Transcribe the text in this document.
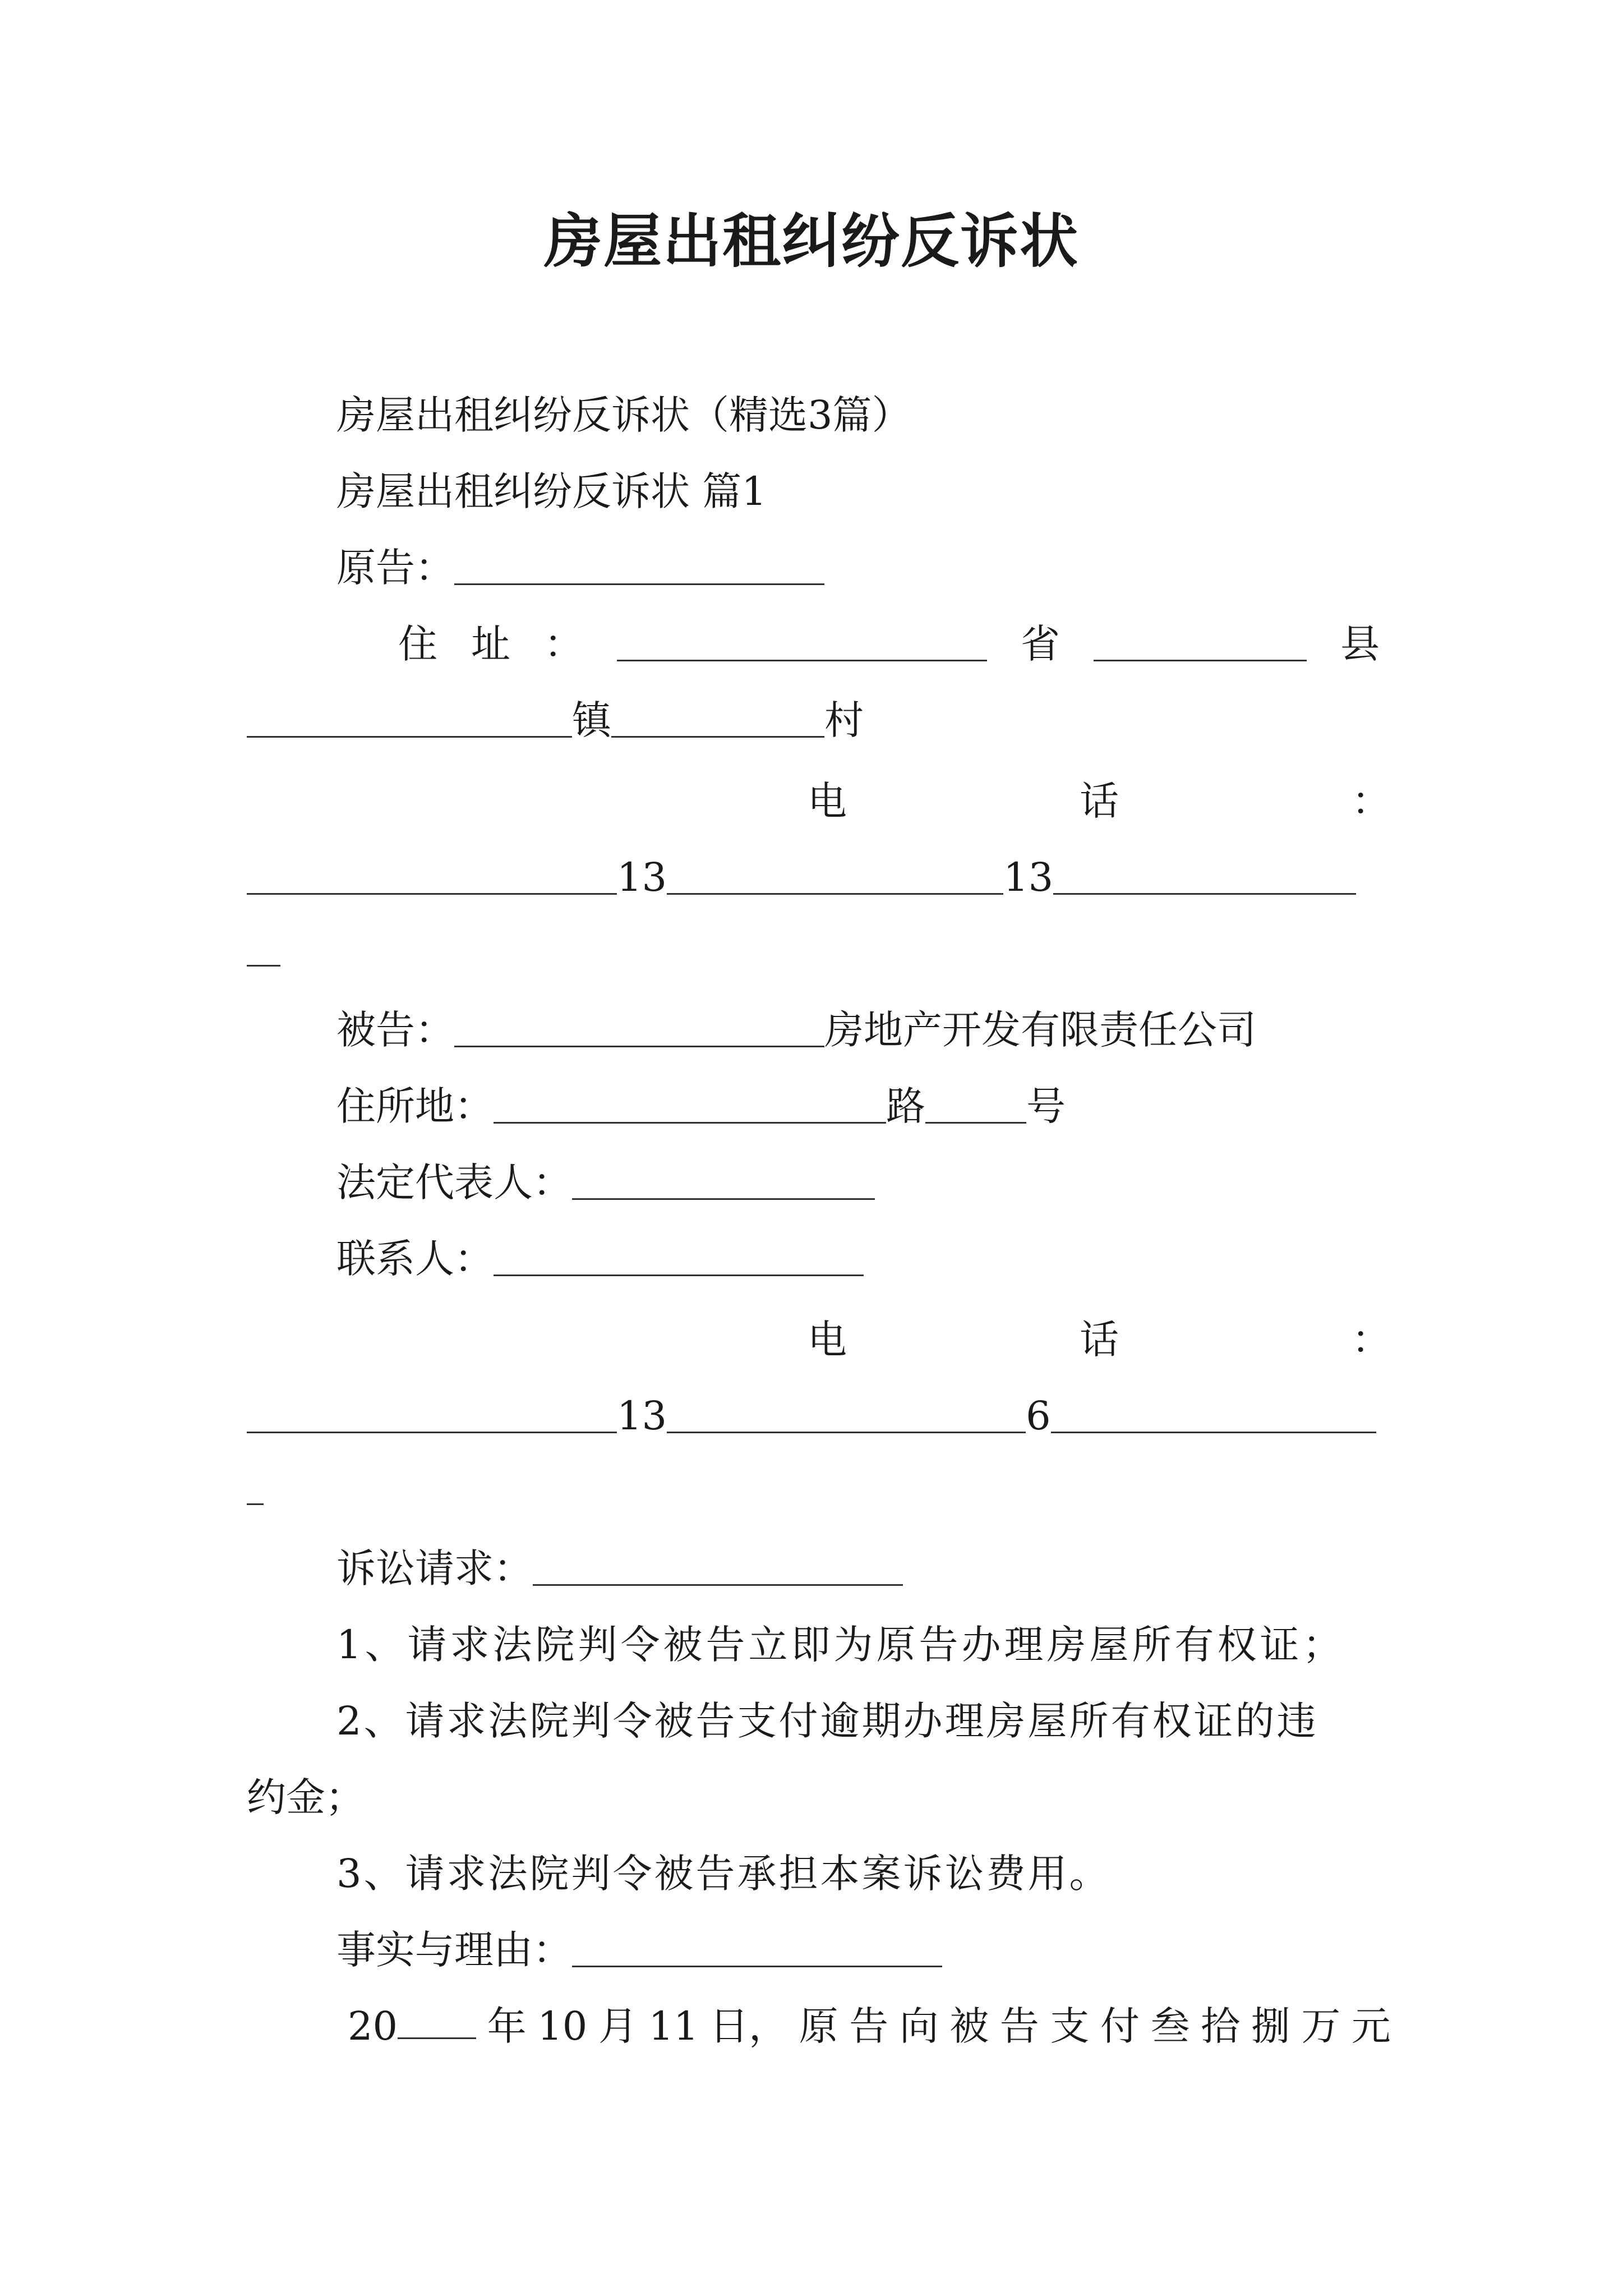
房屋出租纠纷反诉状
房屋出租纠纷反诉状（精选3篇）
房屋出租纠纷反诉状 篇1
原告：
住址：	省	县
镇	村
电	话	：
13	13
被告：	房地产开发有限责任公司
住所地：	路	号
法定代表人：
联系人：
电	话	：
13	6
诉讼请求：
1、请求法院判令被告立即为原告办理房屋所有权证；
2、请求法院判令被告支付逾期办理房屋所有权证的违
约金；
3、请求法院判令被告承担本案诉讼费用。
事实与理由：
20	年 10 月 11 日， 原 告 向 被 告 支 付 叁 拾 捌 万 元
